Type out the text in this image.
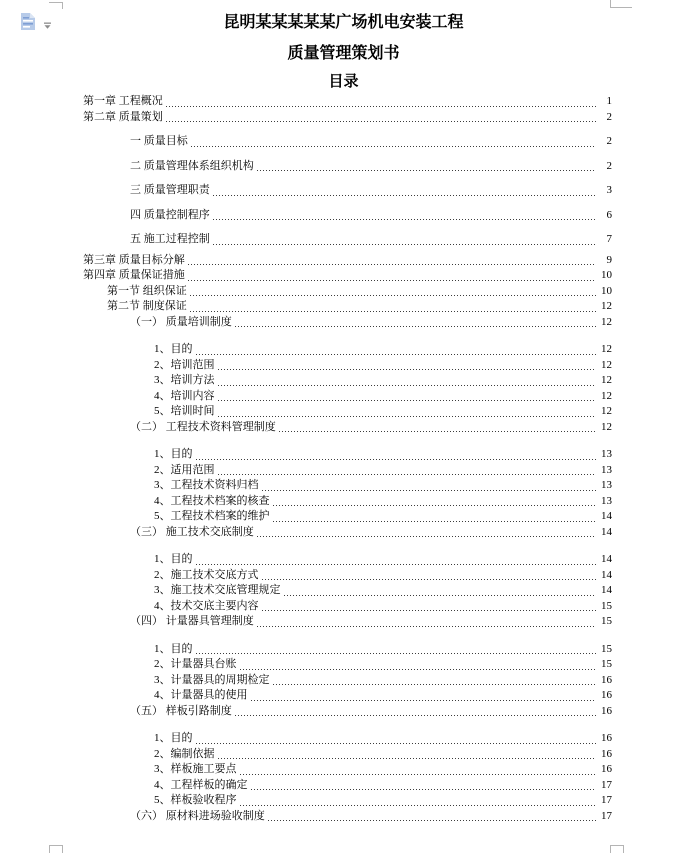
昆明某某某某某广场机电安装工程
质量管理策划书
目录
第一章 工程概况	1
第二章 质量策划	2
一 质量目标	2
二 质量管理体系组织机构	2
三 质量管理职责	3
四 质量控制程序	6
五 施工过程控制	7
第三章 质量目标分解	9
第四章 质量保证措施	10
第一节 组织保证	10
第二节 制度保证	12
（一） 质量培训制度	12
1、目的	12
2、培训范围	12
3、培训方法	12
4、培训内容	12
5、培训时间	12
（二） 工程技术资料管理制度	12
1、目的	13
2、适用范围	13
3、工程技术资料归档	13
4、工程技术档案的核查	13
5、工程技术档案的维护	14
（三） 施工技术交底制度	14
1、目的	14
2、施工技术交底方式	14
3、施工技术交底管理规定	14
4、技术交底主要内容	15
（四） 计量器具管理制度	15
1、目的	15
2、计量器具台账	15
3、计量器具的周期检定	16
4、计量器具的使用	16
（五） 样板引路制度	16
1、目的	16
2、编制依据	16
3、样板施工要点	16
4、工程样板的确定	17
5、样板验收程序	17
（六） 原材料进场验收制度	17
